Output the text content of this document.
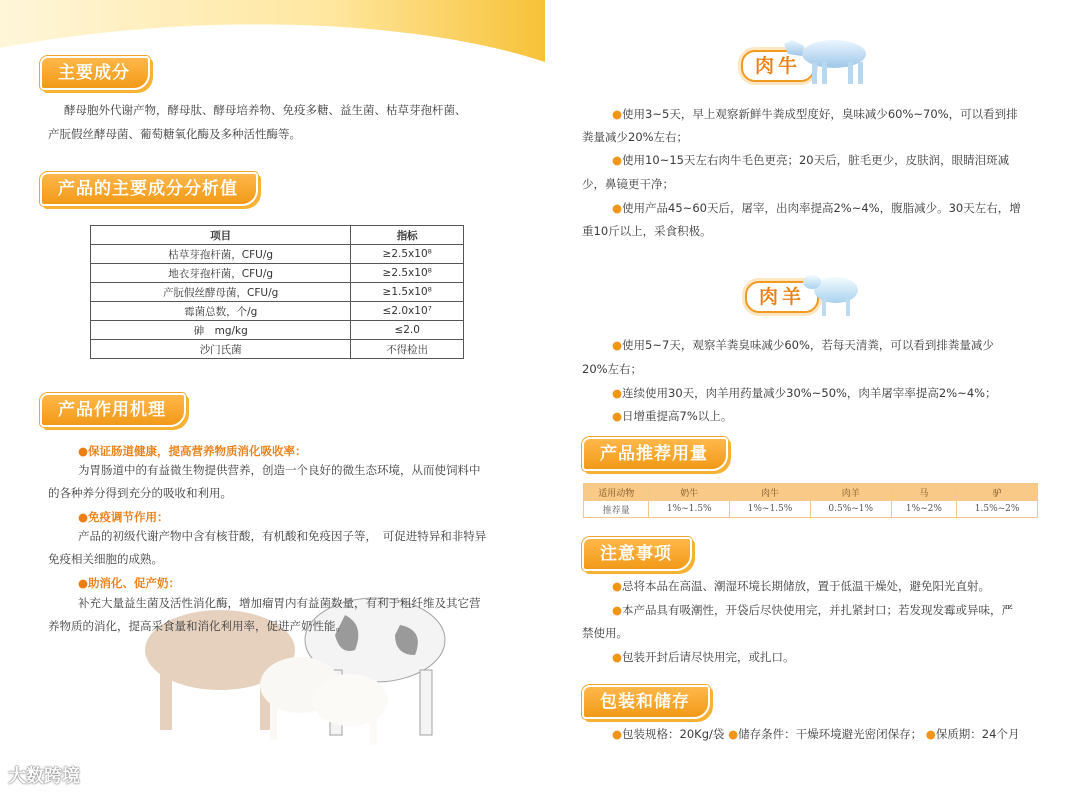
主要成分
酵母胞外代谢产物，酵母肽、酵母培养物、免疫多糖、益生菌、枯草芽孢杆菌、
产朊假丝酵母菌、葡萄糖氧化酶及多种活性酶等。
产品的主要成分分析值
项目	指标
枯草芽孢杆菌，CFU/g	≥2.5x10⁸
地衣芽孢杆菌，CFU/g	≥2.5x10⁸
产朊假丝酵母菌，CFU/g	≥1.5x10⁸
霉菌总数，个/g	≤2.0x10⁷
砷　mg/kg	≤2.0
沙门氏菌	不得检出
产品作用机理
●保证肠道健康，提高营养物质消化吸收率：
为胃肠道中的有益微生物提供营养，创造一个良好的微生态环境，从而使饲料中
的各种养分得到充分的吸收和利用。
●免疫调节作用：
产品的初级代谢产物中含有核苷酸，有机酸和免疫因子等，　可促进特异和非特异
免疫相关细胞的成熟。
●助消化、促产奶：
补充大量益生菌及活性消化酶，增加瘤胃内有益菌数量，有利于粗纤维及其它营
养物质的消化，提高采食量和消化利用率，促进产奶性能。
肉牛
●使用3~5天，早上观察新鲜牛粪成型度好，臭味减少60%~70%，可以看到排
粪量减少20%左右；
●使用10~15天左右肉牛毛色更亮；20天后，脏毛更少，皮肤润，眼睛泪斑减
少，鼻镜更干净；
●使用产品45~60天后，屠宰，出肉率提高2%~4%，腹脂减少。30天左右，增
重10斤以上，采食积极。
肉羊
●使用5~7天，观察羊粪臭味减少60%，若每天清粪，可以看到排粪量减少
20%左右；
●连续使用30天，肉羊用药量减少30%~50%，肉羊屠宰率提高2%~4%；
●日增重提高7%以上。
产品推荐用量
适用动物	奶牛	肉牛	肉羊	马	驴
推荐量	1%~1.5%	1%~1.5%	0.5%~1%	1%~2%	1.5%~2%
注意事项
●忌将本品在高温、潮湿环境长期储放，置于低温干燥处，避免阳光直射。
●本产品具有吸潮性，开袋后尽快使用完，并扎紧封口；若发现发霉或异味，严
禁使用。
●包装开封后请尽快用完，或扎口。
包装和储存
●包装规格：20Kg/袋 ●储存条件：干燥环境避光密闭保存； ●保质期：24个月
大数跨境
